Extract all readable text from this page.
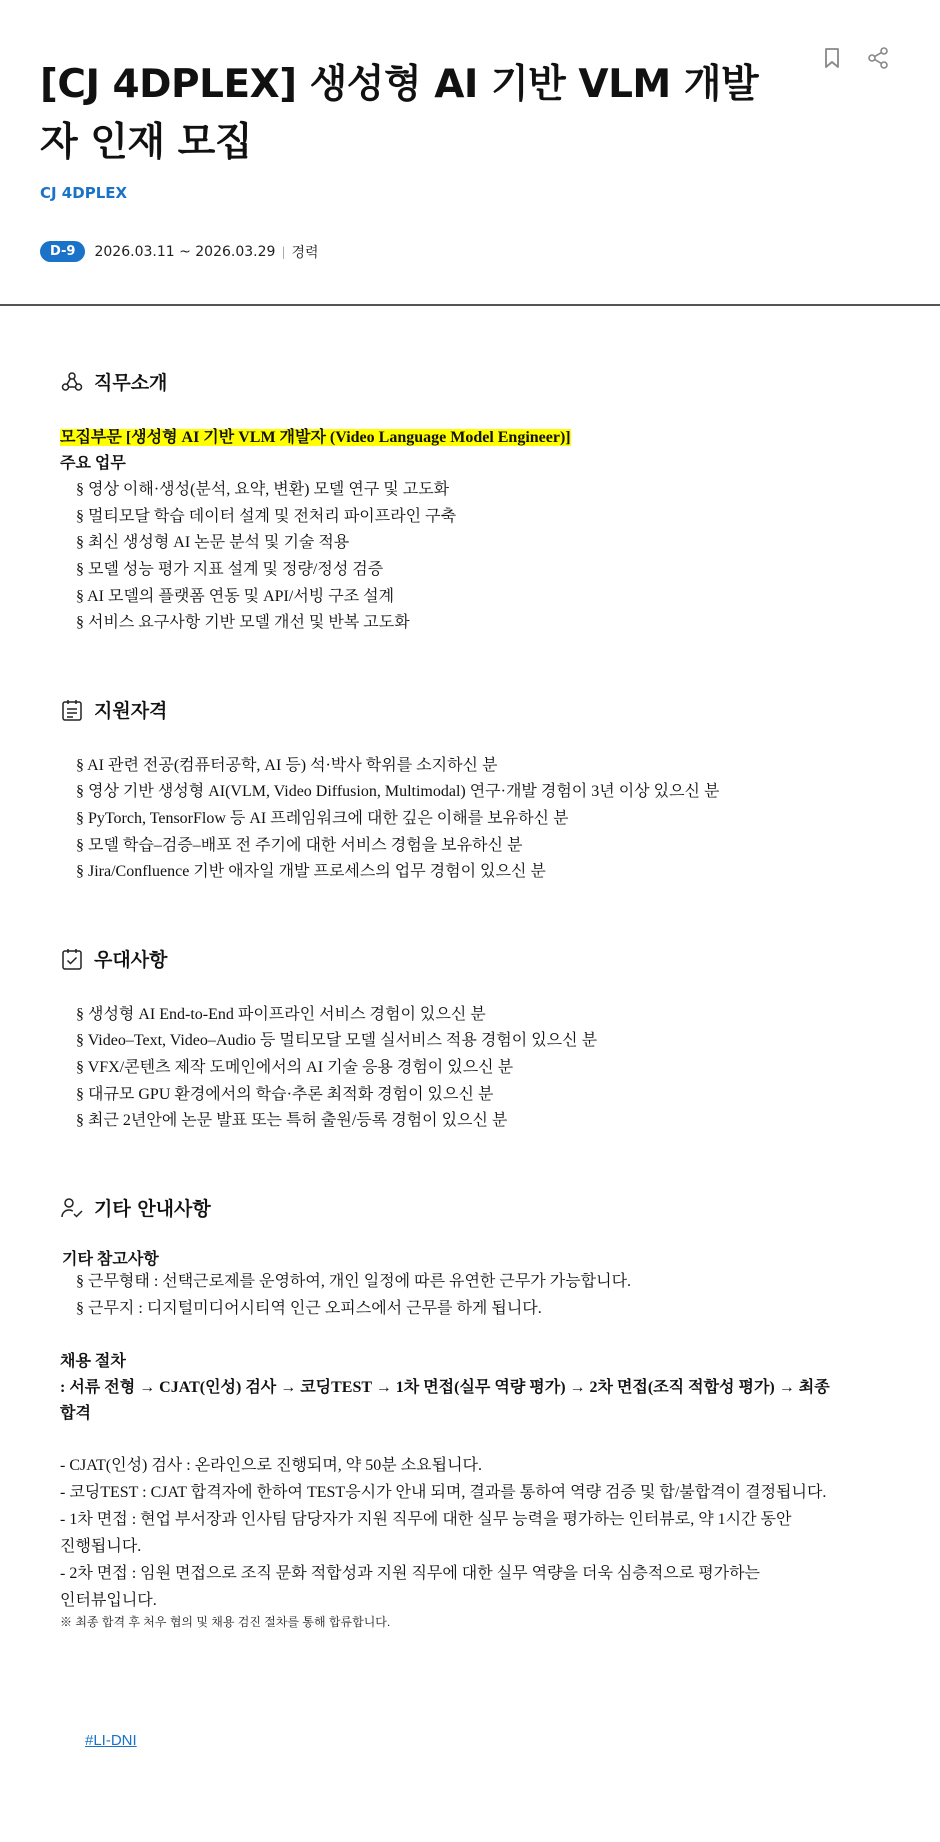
[CJ 4DPLEX] 생성형 AI 기반 VLM 개발자 인재 모집
CJ 4DPLEX
D-9	2026.03.11 ~ 2026.03.29 | 경력
직무소개
모집부문 [생성형 AI 기반 VLM 개발자 (Video Language Model Engineer)]
주요 업무
§ 영상 이해·생성(분석, 요약, 변환) 모델 연구 및 고도화
§ 멀티모달 학습 데이터 설계 및 전처리 파이프라인 구축
§ 최신 생성형 AI 논문 분석 및 기술 적용
§ 모델 성능 평가 지표 설계 및 정량/정성 검증
§ AI 모델의 플랫폼 연동 및 API/서빙 구조 설계
§ 서비스 요구사항 기반 모델 개선 및 반복 고도화
지원자격
§ AI 관련 전공(컴퓨터공학, AI 등) 석·박사 학위를 소지하신 분
§ 영상 기반 생성형 AI(VLM, Video Diffusion, Multimodal) 연구·개발 경험이 3년 이상 있으신 분
§ PyTorch, TensorFlow 등 AI 프레임워크에 대한 깊은 이해를 보유하신 분
§ 모델 학습–검증–배포 전 주기에 대한 서비스 경험을 보유하신 분
§ Jira/Confluence 기반 애자일 개발 프로세스의 업무 경험이 있으신 분
우대사항
§ 생성형 AI End-to-End 파이프라인 서비스 경험이 있으신 분
§ Video–Text, Video–Audio 등 멀티모달 모델 실서비스 적용 경험이 있으신 분
§ VFX/콘텐츠 제작 도메인에서의 AI 기술 응용 경험이 있으신 분
§ 대규모 GPU 환경에서의 학습·추론 최적화 경험이 있으신 분
§ 최근 2년안에 논문 발표 또는 특허 출원/등록 경험이 있으신 분
기타 안내사항
기타 참고사항
§ 근무형태 : 선택근로제를 운영하여, 개인 일정에 따른 유연한 근무가 가능합니다.
§ 근무지 : 디지털미디어시티역 인근 오피스에서 근무를 하게 됩니다.
채용 절차
: 서류 전형 → CJAT(인성) 검사 → 코딩TEST → 1차 면접(실무 역량 평가) → 2차 면접(조직 적합성 평가) → 최종
합격
- CJAT(인성) 검사 : 온라인으로 진행되며, 약 50분 소요됩니다.
- 코딩TEST : CJAT 합격자에 한하여 TEST응시가 안내 되며, 결과를 통하여 역량 검증 및 합/불합격이 결정됩니다.
- 1차 면접 : 현업 부서장과 인사팀 담당자가 지원 직무에 대한 실무 능력을 평가하는 인터뷰로, 약 1시간 동안
진행됩니다.
- 2차 면접 : 임원 면접으로 조직 문화 적합성과 지원 직무에 대한 실무 역량을 더욱 심층적으로 평가하는
인터뷰입니다.
※ 최종 합격 후 처우 협의 및 채용 검진 절차를 통해 합류합니다.
#LI-DNI
